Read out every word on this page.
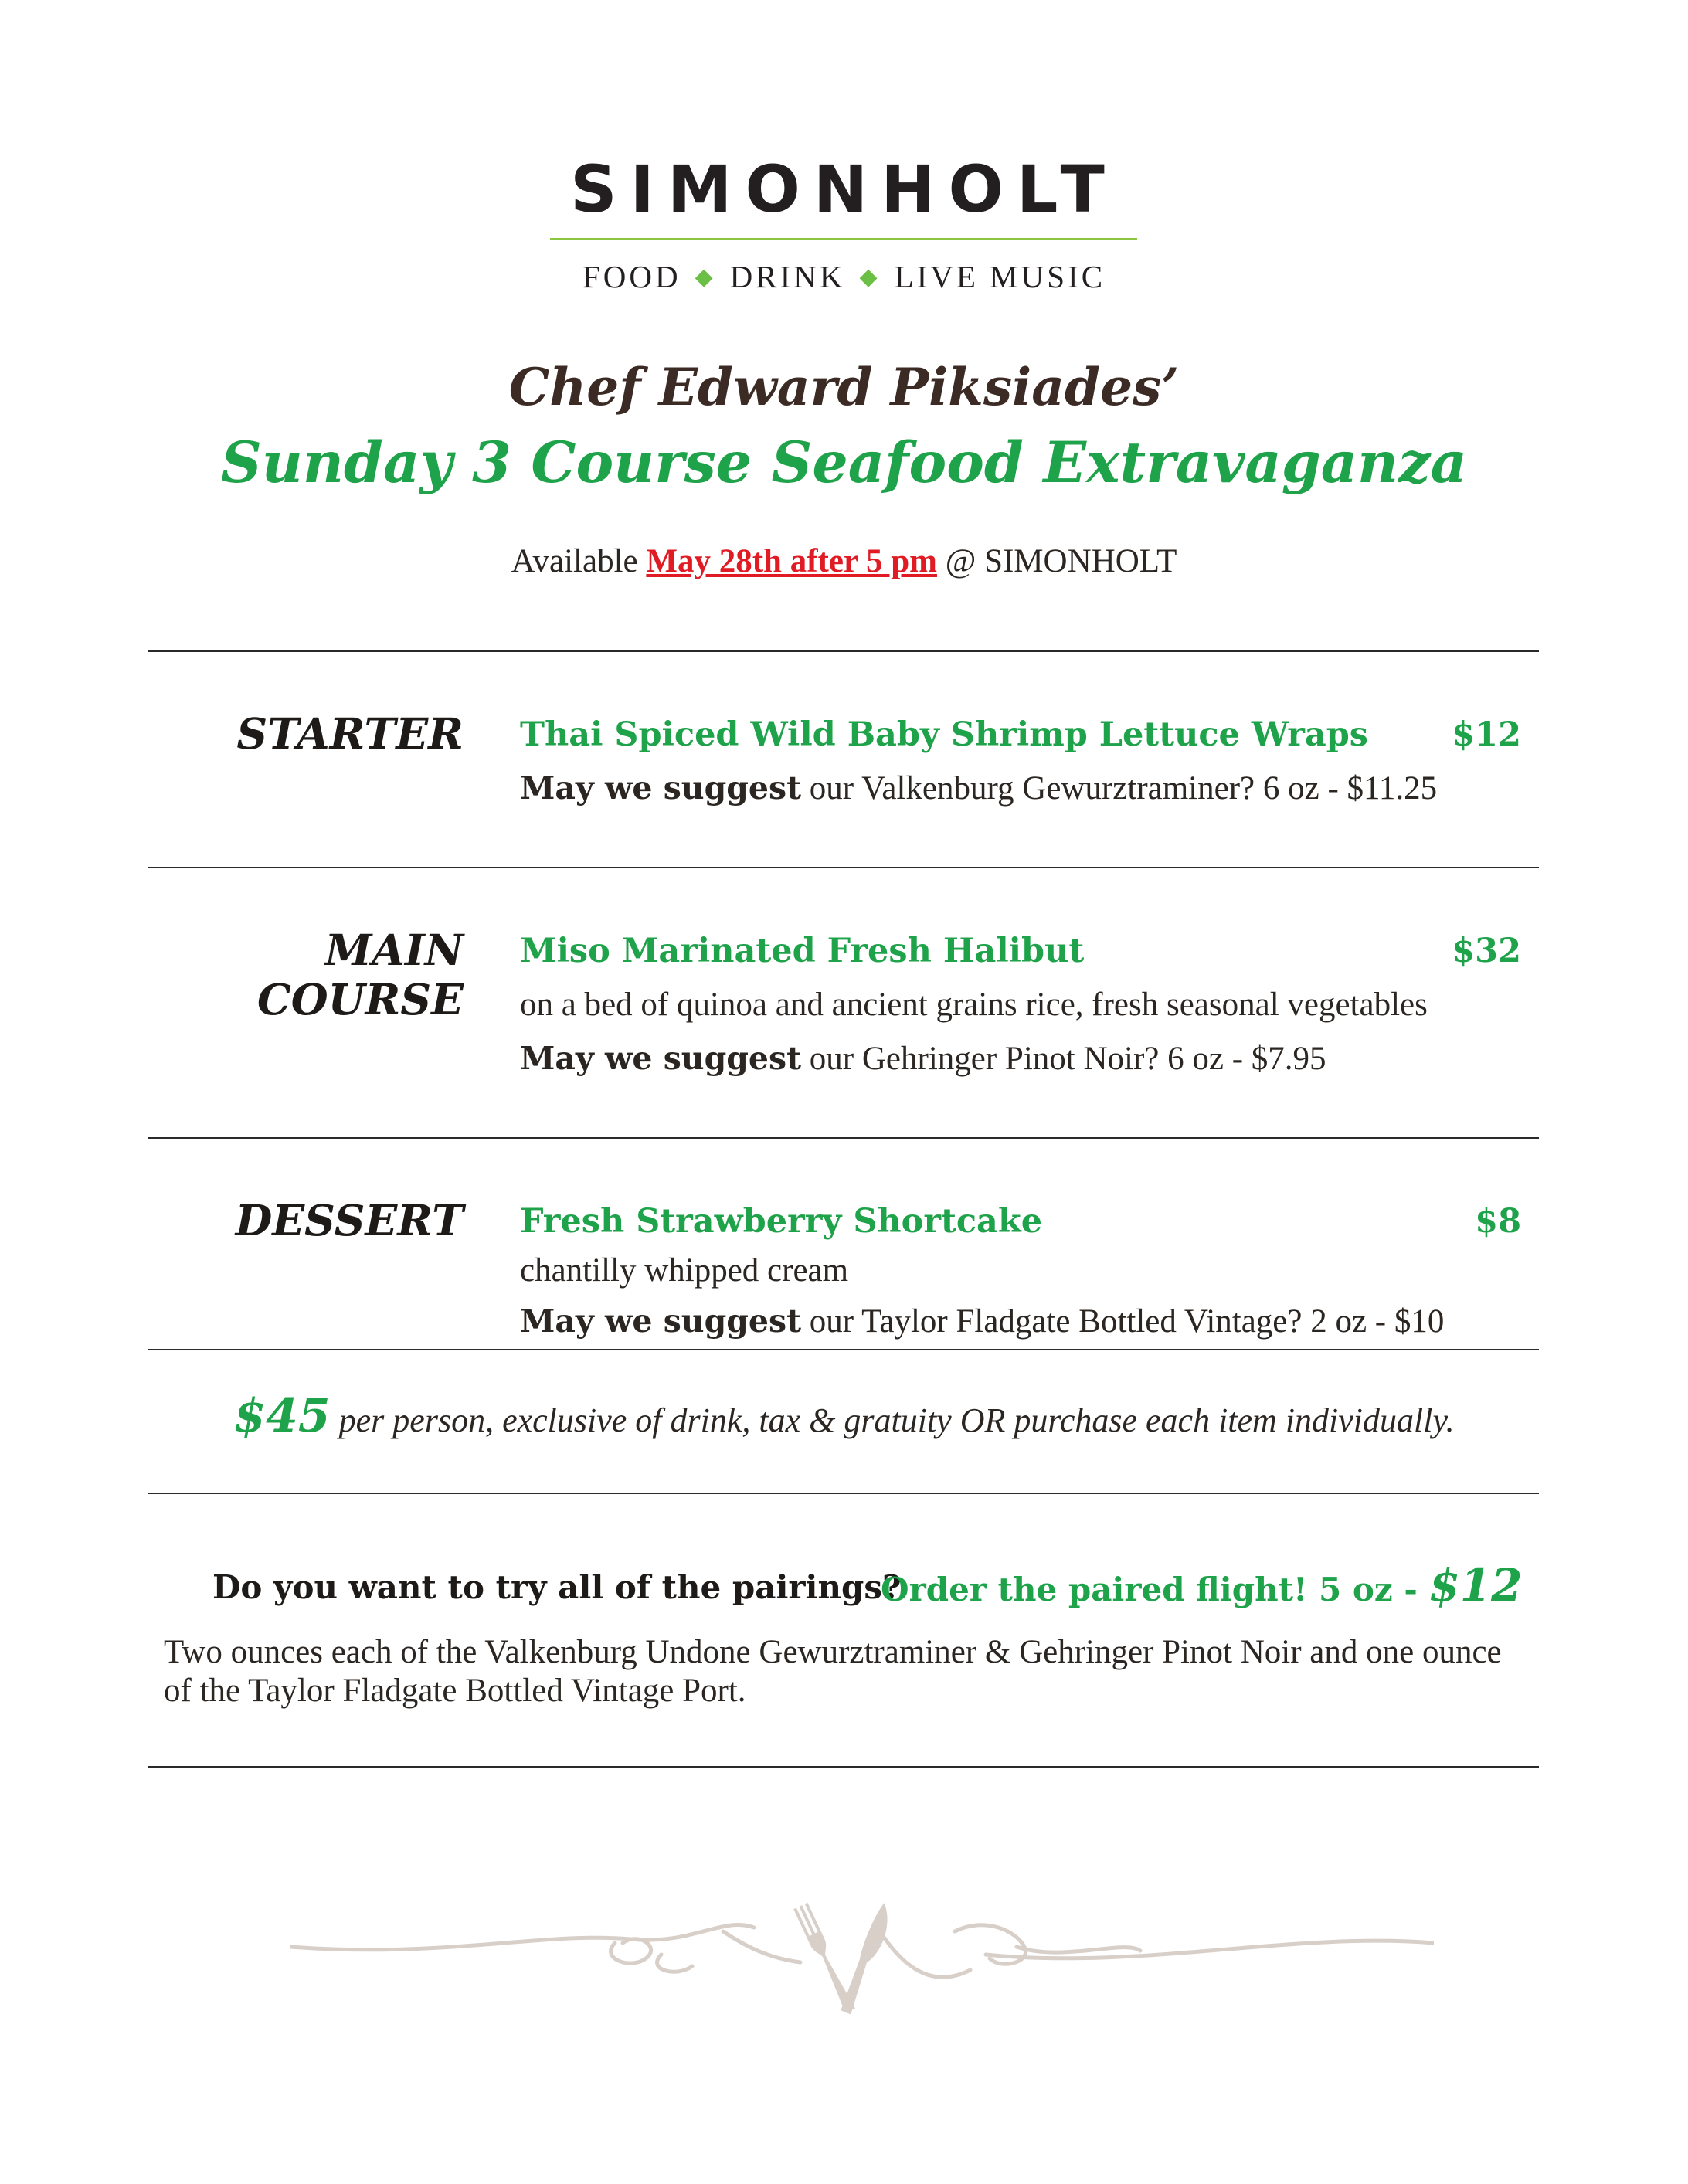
SIMONHOLT
FOOD ◆ DRINK ◆ LIVE MUSIC
Chef Edward Piksiades’
Sunday 3 Course Seafood Extravaganza
Available May 28th after 5 pm @ SIMONHOLT
STARTER Thai Spiced Wild Baby Shrimp Lettuce Wraps	$12
May we suggest our Valkenburg Gewurztraminer? 6 oz - $11.25
MAIN
COURSE
Miso Marinated Fresh Halibut	$32
on a bed of quinoa and ancient grains rice, fresh seasonal vegetables
May we suggest our Gehringer Pinot Noir? 6 oz - $7.95
DESSERT Fresh Strawberry Shortcake	$8
chantilly whipped cream
May we suggest our Taylor Fladgate Bottled Vintage? 2 oz - $10
$45 per person, exclusive of drink, tax & gratuity OR purchase each item individually.
Do you want to try all of the pairings?
Order the paired flight! 5 oz - $12
Two ounces each of the Valkenburg Undone Gewurztraminer & Gehringer Pinot Noir and one ounce of the Taylor Fladgate Bottled Vintage Port.
